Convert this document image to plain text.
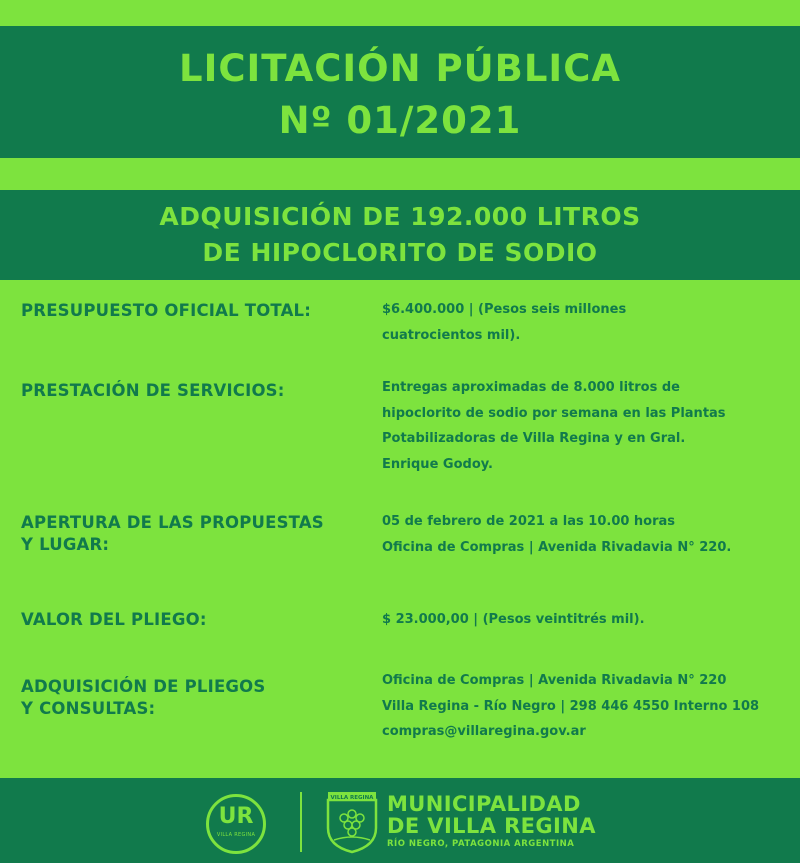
LICITACIÓN PÚBLICA
Nº 01/2021
ADQUISICIÓN DE 192.000 LITROS
DE HIPOCLORITO DE SODIO
PRESUPUESTO OFICIAL TOTAL:	$6.400.000 | (Pesos seis millones
cuatrocientos mil).
PRESTACIÓN DE SERVICIOS:	Entregas aproximadas de 8.000 litros de
hipoclorito de sodio por semana en las Plantas
Potabilizadoras de Villa Regina y en Gral.
Enrique Godoy.
APERTURA DE LAS PROPUESTAS
Y LUGAR:
05 de febrero de 2021 a las 10.00 horas
Oficina de Compras | Avenida Rivadavia N° 220.
VALOR DEL PLIEGO:	$ 23.000,00 | (Pesos veintitrés mil).
ADQUISICIÓN DE PLIEGOS
Y CONSULTAS:
Oficina de Compras | Avenida Rivadavia N° 220
Villa Regina - Río Negro | 298 446 4550 Interno 108
compras@villaregina.gov.ar
UR
VILLA REGINA
VILLA REGINA MUNICIPALIDAD
DE VILLA REGINA
RÍO NEGRO, PATAGONIA ARGENTINA
